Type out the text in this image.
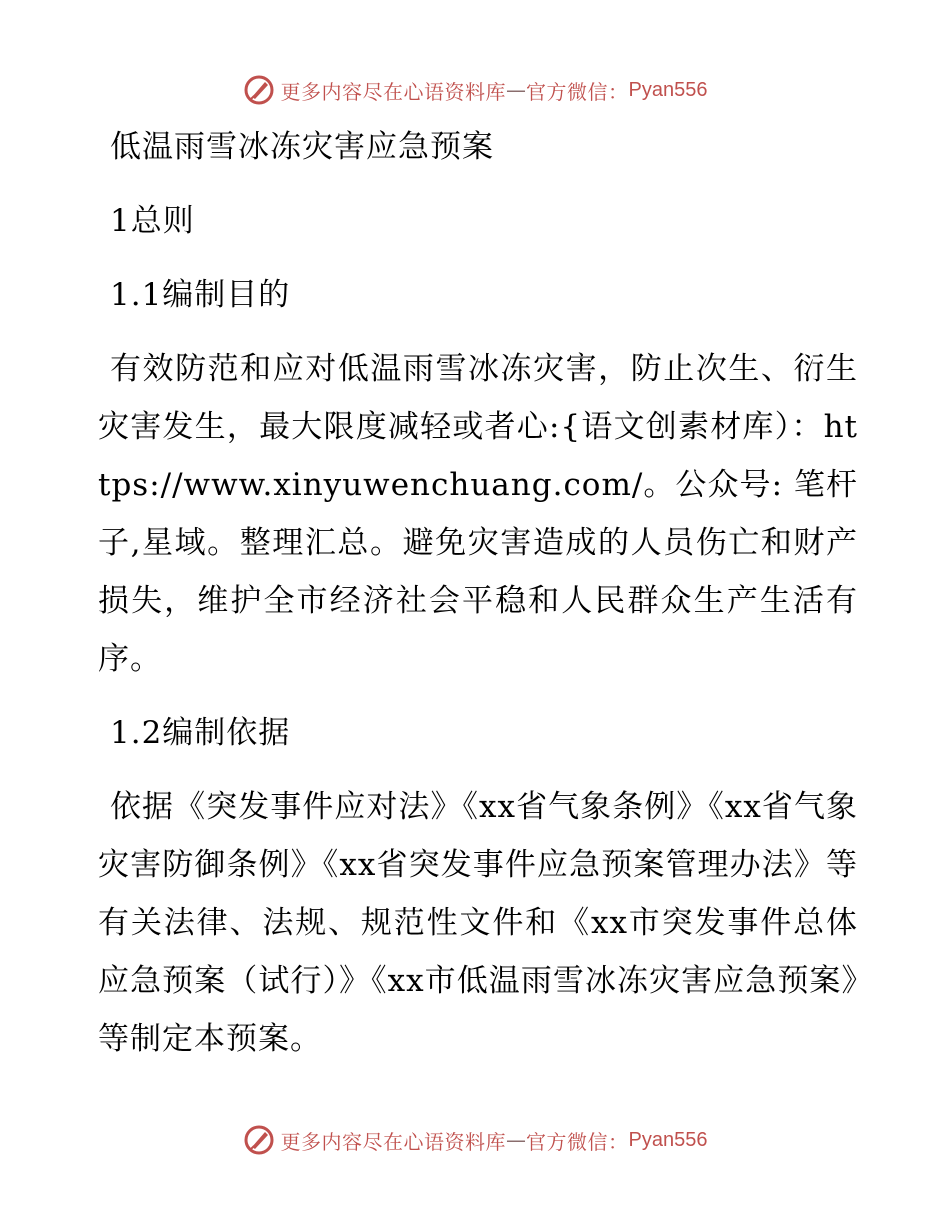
更多内容尽在心语资料库 — 官方微信： Pyan556
低温雨雪冰冻灾害应急预案
1总则
1.1编制目的

有效防范和应对低温雨雪冰冻灾害，防止次生、衍生灾害发生，最大限度减轻或者心:{语文创素材库）：https://www.xinyuwenchuang.com/。公众号: 笔杆子,星域。整理汇总。避免灾害造成的人员伤亡和财产损失，维护全市经济社会平稳和人民群众生产生活有序。

1.2编制依据

依据《突发事件应对法》《xx省气象条例》《xx省气象灾害防御条例》《xx省突发事件应急预案管理办法》等有关法律、法规、规范性文件和《xx市突发事件总体应急预案（试行）》《xx市低温雨雪冰冻灾害应急预案》等制定本预案。

更多内容尽在心语资料库 — 官方微信： Pyan556
